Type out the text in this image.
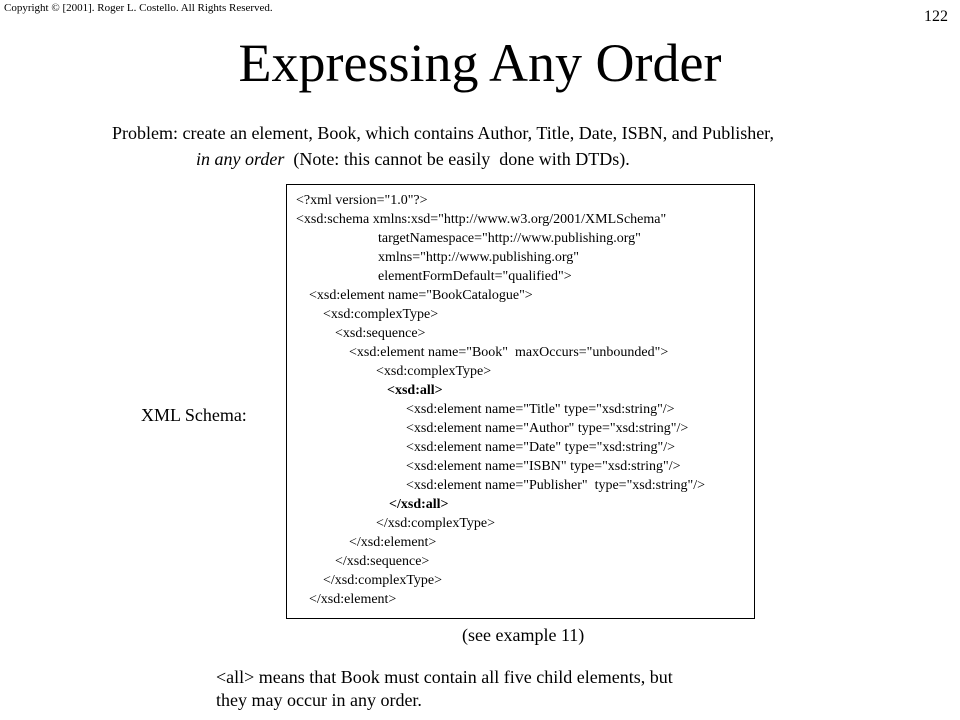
Copyright © [2001]. Roger L. Costello. All Rights Reserved.	122
Expressing Any Order
Problem: create an element, Book, which contains Author, Title, Date, ISBN, and Publisher,
in any order  (Note: this cannot be easily  done with DTDs).
XML Schema:
<?xml version="1.0"?>
<xsd:schema xmlns:xsd="http://www.w3.org/2001/XMLSchema"
targetNamespace="http://www.publishing.org"
xmlns="http://www.publishing.org"
elementFormDefault="qualified">
<xsd:element name="BookCatalogue">
<xsd:complexType>
<xsd:sequence>
<xsd:element name="Book"  maxOccurs="unbounded">
<xsd:complexType>
<xsd:all>
<xsd:element name="Title" type="xsd:string"/>
<xsd:element name="Author" type="xsd:string"/>
<xsd:element name="Date" type="xsd:string"/>
<xsd:element name="ISBN" type="xsd:string"/>
<xsd:element name="Publisher"  type="xsd:string"/>
</xsd:all>
</xsd:complexType>
</xsd:element>
</xsd:sequence>
</xsd:complexType>
</xsd:element>
(see example 11)
<all> means that Book must contain all five child elements, but
they may occur in any order.
